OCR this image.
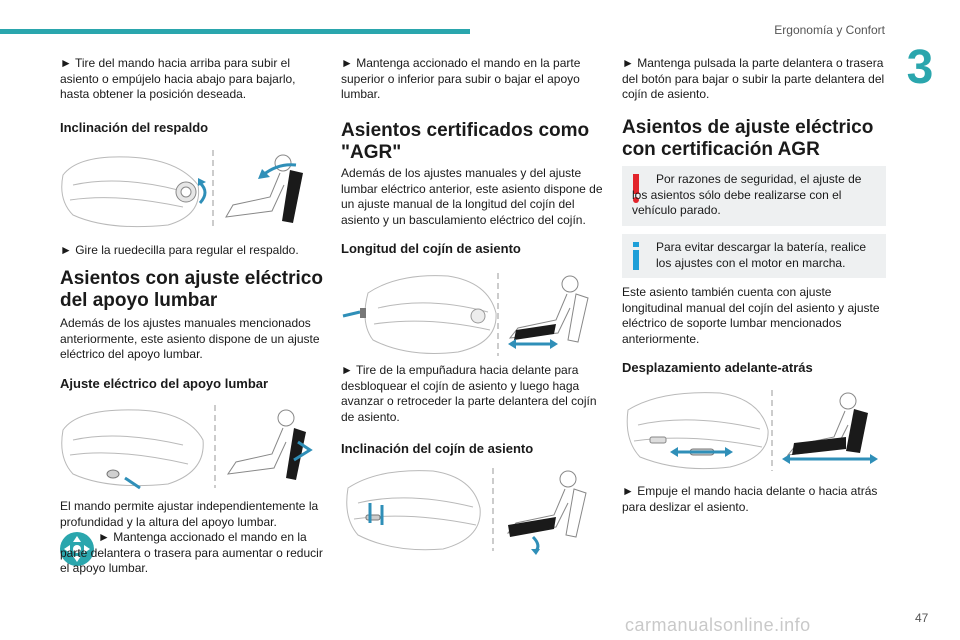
Ergonomía y Confort
3
47
► Tire del mando hacia arriba para subir el asiento o empújelo hacia abajo para bajarlo, hasta obtener la posición deseada.
Inclinación del respaldo
► Gire la ruedecilla para regular el respaldo.
Asientos con ajuste eléctrico del apoyo lumbar
Además de los ajustes manuales mencionados anteriormente, este asiento dispone de un ajuste eléctrico del apoyo lumbar.
Ajuste eléctrico del apoyo lumbar
El mando permite ajustar independientemente la profundidad y la altura del apoyo lumbar.
► Mantenga accionado el mando en la parte delantera o trasera para aumentar o reducir el apoyo lumbar.
► Mantenga accionado el mando en la parte superior o inferior para subir o bajar el apoyo lumbar.
Asientos certificados como "AGR"
Además de los ajustes manuales y del ajuste lumbar eléctrico anterior, este asiento dispone de un ajuste manual de la longitud del cojín del asiento y un basculamiento eléctrico del cojín.
Longitud del cojín de asiento
► Tire de la empuñadura hacia delante para desbloquear el cojín de asiento y luego haga avanzar o retroceder la parte delantera del cojín de asiento.
Inclinación del cojín de asiento
► Mantenga pulsada la parte delantera o trasera del botón para bajar o subir la parte delantera del cojín de asiento.
Asientos de ajuste eléctrico con certificación AGR
Por razones de seguridad, el ajuste de los asientos sólo debe realizarse con el vehículo parado.
Para evitar descargar la batería, realice los ajustes con el motor en marcha.
Este asiento también cuenta con ajuste longitudinal manual del cojín del asiento y ajuste eléctrico de soporte lumbar mencionados anteriormente.
Desplazamiento adelante-atrás
► Empuje el mando hacia delante o hacia atrás para deslizar el asiento.
carmanualsonline.info
